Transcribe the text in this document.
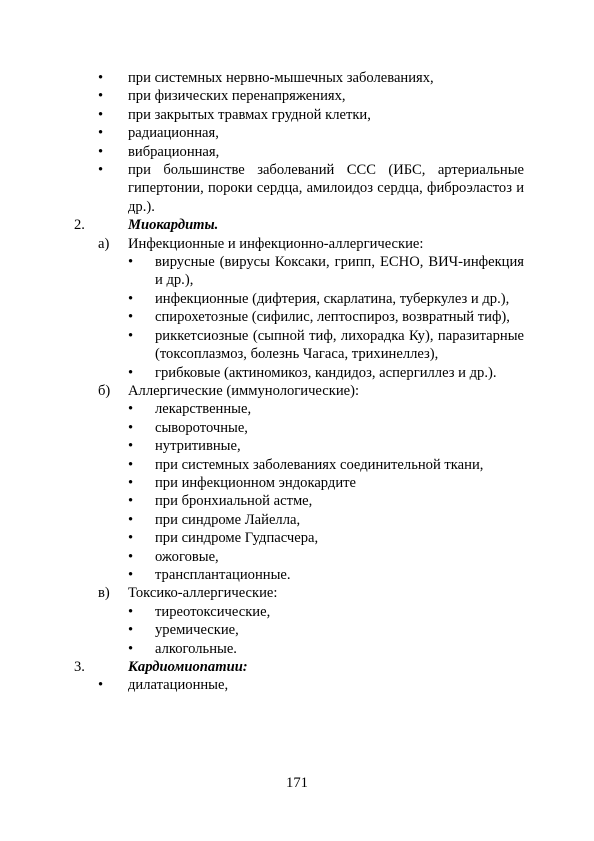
• при системных нервно-мышечных заболеваниях,
• при физических перенапряжениях,
• при закрытых травмах грудной клетки,
• радиационная,
• вибрационная,
• при большинстве заболеваний ССС (ИБС, артериальные гипертонии, пороки сердца, амилоидоз сердца, фиброэластоз и др.).
2.	Миокардиты.
а) Инфекционные и инфекционно-аллергические:
• вирусные (вирусы Коксаки, грипп, ECHO, ВИЧ-инфекция и др.),
• инфекционные (дифтерия, скарлатина, туберкулез и др.),
• спирохетозные (сифилис, лептоспироз, возвратный тиф),
• риккетсиозные (сыпной тиф, лихорадка Ку), паразитарные (токсоплазмоз, болезнь Чагаса, трихинеллез),
• грибковые (актиномикоз, кандидоз, аспергиллез и др.).
б) Аллергические (иммунологические):
• лекарственные,
• сывороточные,
• нутритивные,
• при системных заболеваниях соединительной ткани,
• при инфекционном эндокардите
• при бронхиальной астме,
• при синдроме Лайелла,
• при синдроме Гудпасчера,
• ожоговые,
• трансплантационные.
в) Токсико-аллергические:
• тиреотоксические,
• уремические,
• алкогольные.
3.	Кардиомиопатии:
• дилатационные,
171
